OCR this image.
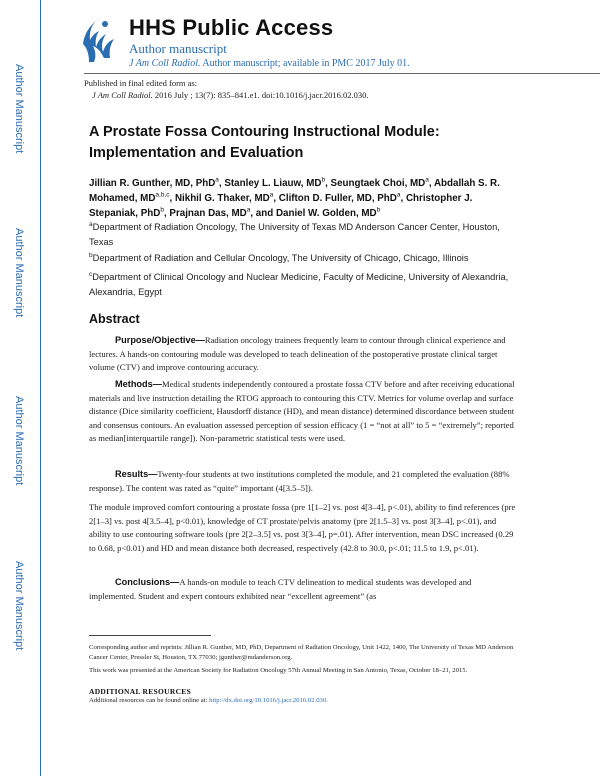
HHS Public Access
Author manuscript
J Am Coll Radiol. Author manuscript; available in PMC 2017 July 01.
Published in final edited form as:
J Am Coll Radiol. 2016 July ; 13(7): 835–841.e1. doi:10.1016/j.jacr.2016.02.030.
Author Manuscript
Author Manuscript
Author Manuscript
Author Manuscript
A Prostate Fossa Contouring Instructional Module:
Implementation and Evaluation
Jillian R. Gunther, MD, PhD$^a$, Stanley L. Liauw, $MD^b$, Seungtaek Choi, $MD^a$, Abdallah S. R. Mohamed, MD$^{a,b,c}$, Nikhil G. Thaker, $MD^a$, Clifton D. Fuller, MD, PhD$^a$, Christopher J. Stepaniak, PhD$^b$, Prajnan Das, $MD^a$, and Daniel W. Golden, $MD^b$
$^a$Department of Radiation Oncology, The University of Texas MD Anderson Cancer Center, Houston, Texas
$^b$Department of Radiation and Cellular Oncology, The University of Chicago, Chicago, Illinois
$^c$Department of Clinical Oncology and Nuclear Medicine, Faculty of Medicine, University of Alexandria, Alexandria, Egypt
Abstract
Purpose/Objective—Radiation oncology trainees frequently learn to contour through clinical experience and lectures. A hands-on contouring module was developed to teach delineation of the postoperative prostate clinical target volume (CTV) and improve contouring accuracy.
Methods—Medical students independently contoured a prostate fossa CTV before and after receiving educational materials and live instruction detailing the RTOG approach to contouring this CTV. Metrics for volume overlap and surface distance (Dice similarity coefficient, Hausdorff distance (HD), and mean distance) determined discordance between student and consensus contours. An evaluation assessed perception of session efficacy (1 = “not at all” to 5 = “extremely”; reported as median[interquartile range]). Non-parametric statistical tests were used.
Results—Twenty-four students at two institutions completed the module, and 21 completed the evaluation (88% response). The content was rated as “quite” important (4[3.5–5]).
The module improved comfort contouring a prostate fossa (pre 1[1–2] vs. post 4[3–4], p<.01), ability to find references (pre 2[1–3] vs. post 4[3.5–4], p<0.01), knowledge of CT prostate/pelvis anatomy (pre 2[1.5–3] vs. post 3[3–4], p<.01), and ability to use contouring software tools (pre 2[2–3.5] vs. post 3[3–4], p=.01). After intervention, mean DSC increased (0.29 to 0.68, p<0.01) and HD and mean distance both decreased, respectively (42.8 to 30.0, p<.01; 11.5 to 1.9, p<.01).
Conclusions—A hands-on module to teach CTV delineation to medical students was developed and implemented. Student and expert contours exhibited near “excellent agreement” (as
Corresponding author and reprints: Jillian R. Gunther, MD, PhD, Department of Radiation Oncology, Unit 1422, 1400, The University of Texas MD Anderson Cancer Center, Pressler St, Houston, TX 77030; jgunther@mdanderson.org.
This work was presented at the American Society for Radiation Oncology 57th Annual Meeting in San Antonio, Texas, October 18–21, 2015.
ADDITIONAL RESOURCES
Additional resources can be found online at: http://dx.doi.org/10.1016/j.jacr.2016.02.030.
